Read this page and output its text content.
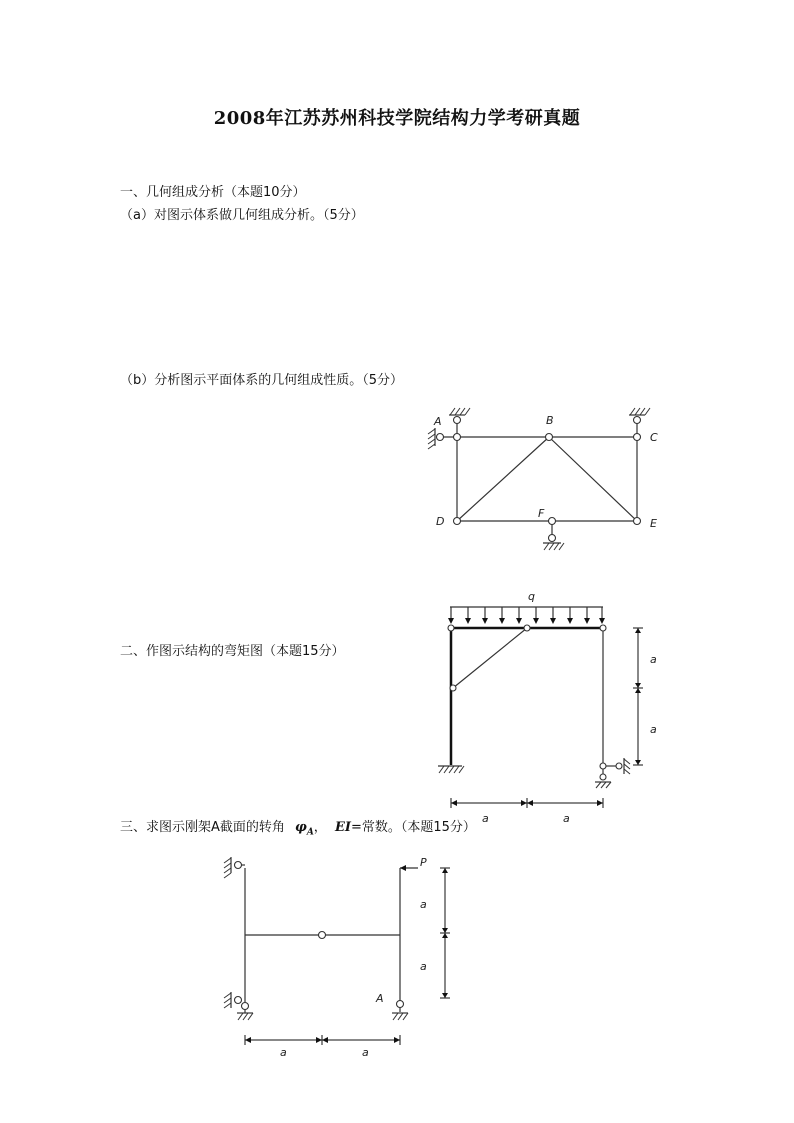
2008年江苏苏州科技学院结构力学考研真题

一、几何组成分析（本题10分）

（a）对图示体系做几何组成分析。（5分）

（b）分析图示平面体系的几何组成性质。（5分）

A	B
C
D	E
F

二、作图示结构的弯矩图（本题15分）

q
a
a
a	a

三、求图示刚架A截面的转角 $\varphi_A$， EI=常数。（本题15分）

P
A
a
a
a	a
